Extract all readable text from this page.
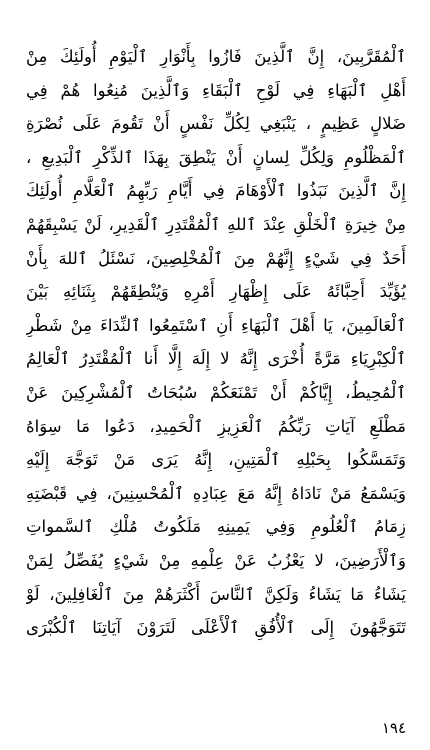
ٱلْمُقَرَّبِينَ، إِنَّ ٱلَّذِينَ فَازُوا بِأَنْوَارِ ٱلْيَوْمِ أُولَئِكَ مِنْ
أَهْلِ ٱلْبَهَاءِ فِي لَوْحِ ٱلْبَقَاءِ وَٱلَّذِينَ مُنِعُوا هُمْ فِي
ضَلالٍ عَظِيمٍ ، يَنْبَغِي لِكُلِّ نَفْسٍ أَنْ تَقُومَ عَلَى نُصْرَةِ
ٱلْمَظْلُومِ وَلِكُلِّ لِسانٍ أَنْ يَنْطِقَ بِهَذَا ٱلذِّكْرِ ٱلْبَدِيعِ ،
إِنَّ ٱلَّذِينَ نَبَذُوا ٱلْأَوْهَامَ فِي أَيَّامِ رَبِّهِمُ ٱلْعَلَّامِ أُولَئِكَ
مِنْ خِيرَةِ ٱلْخَلْقِ عِنْدَ ٱللهِ ٱلْمُقْتَدِرِ ٱلْقَدِيرِ، لَنْ يَسْبِقَهُمْ
أَحَدٌ فِي شَيْءٍ إِنَّهُمْ مِنَ ٱلْمُخْلِصِينَ، نَسْئَلُ ٱللهَ بِأَنْ
يُؤَيِّدَ أَحِبَّائَهُ عَلَى إِظْهَارِ أَمْرِهِ وَيُنْطِقَهُمْ بِثَنَائِهِ بَيْنَ
ٱلْعَالَمِينَ، يَا أَهْلَ ٱلْبَهَاءِ أَنِ ٱسْتَمِعُوا ٱلنِّدَاءَ مِنْ شَطْرِ
ٱلْكِبْرِيَاءِ مَرَّةً أُخْرَى إِنَّهُ لا إِلَهَ إِلَّا أَنا ٱلْمُقْتَدِرُ ٱلْعَالِمُ
ٱلْمُحِيطُ، إِيَّاكُمْ أَنْ تَمْنَعَكُمْ سُبُحَاتُ ٱلْمُشْرِكِينَ عَنْ
مَطْلَعِ آيَاتِ رَبِّكُمُ ٱلْعَزِيزِ ٱلْحَمِيدِ، دَعُوا مَا سِوَاهُ
وَتَمَسَّكُوا بِحَبْلِهِ ٱلْمَتِينِ، إِنَّهُ يَرَى مَنْ تَوَجَّهَ إِلَيْهِ
وَيَسْمَعُ مَنْ نَادَاهُ إِنَّهُ مَعَ عِبَادِهِ ٱلْمُحْسِنِينَ، فِي قَبْضَتِهِ
زِمَامُ ٱلْعُلُومِ وَفِي يَمِينِهِ مَلَكُوتُ مُلْكِ ٱلسَّمواتِ
وَٱلْأَرَضِينَ، لا يَعْزُبُ عَنْ عِلْمِهِ مِنْ شَيْءٍ يُفَصِّلُ لِمَنْ
يَشَاءُ مَا يَشَاءُ وَلَكِنَّ ٱلنَّاسَ أَكْثَرَهُمْ مِنَ ٱلْغَافِلِينَ، لَوْ
تَتَوَجَّهُونَ إِلَى ٱلْأُفُقِ ٱلْأَعْلَى لَتَرَوْنَ آيَاتِنَا ٱلْكُبْرَى
١٩٤
